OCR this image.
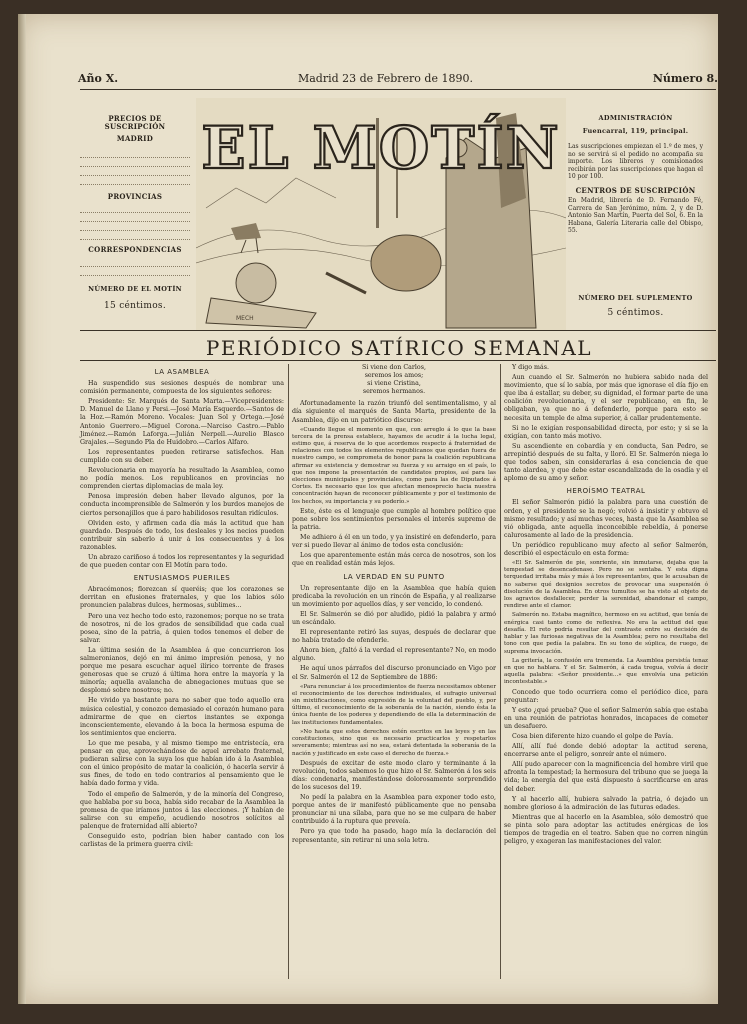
Año X.	Madrid 23 de Febrero de 1890.	Número 8.
PRECIOS DE SUSCRIPCIÓN
MADRID
PROVINCIAS
CORRESPONDENCIAS
NÚMERO DE EL MOTÍN
15 céntimos.
EL MOTÍN
MECH
ADMINISTRACIÓN
Fuencarral, 119, principal.
Las suscripciones empiezan el 1.º de mes, y no se servirá si el pedido no acompaña su importe. Los libreros y comisionados recibirán por las suscripciones que hagan el 10 por 100.
CENTROS DE SUSCRIPCIÓN
En Madrid, librería de D. Fernando Fé, Carrera de San Jerónimo, núm. 2, y de D. Antonio San Martín, Puerta del Sol, 6. En la Habana, Galería Literaria calle del Obispo, 55.
NÚMERO DEL SUPLEMENTO
5 céntimos.
PERIÓDICO SATÍRICO SEMANAL
LA ASAMBLEA

Ha suspendido sus sesiones después de nombrar una comisión permanente, compuesta de los siguientes señores:

Presidente: Sr. Marqués de Santa Marta.—Vicepresidentes: D. Manuel de Llano y Persi.—José María Esquerdo.—Santos de la Hoz.—Ramón Moreno. Vocales: Juan Sol y Ortega.—José Antonio Guerrero.—Miguel Corona.—Narciso Castro.—Pablo Jiménez.—Ramón Laforga.—Julián Nerpell.—Aurelio Blasco Grajales.—Segundo Pla de Huidobro.—Carlos Alfaro.

Los representantes pueden retirarse satisfechos. Han cumplido con su deber.

Revolucionaria en mayoría ha resultado la Asamblea, como no podía menos. Los republicanos en provincias no comprenden ciertas diplomacias de mala ley.

Penosa impresión deben haber llevado algunos, por la conducta incomprensible de Salmerón y los burdos manejos de ciertos personajillos que á paro habilidosos resultan ridículos.

Olviden esto, y afirmen cada día más la actitud que han guardado. Después de todo, los desleales y los necios pueden contribuir sin saberlo á unir á los consecuentes y á los razonables.

Un abrazo cariñoso á todos los representantes y la seguridad de que pueden contar con El Motín para todo.

ENTUSIASMOS PUERILES

Abracémonos; florezcan sí queréis; que los corazones se derritan en efusiones fraternales, y que los labios sólo pronuncien palabras dulces, hermosas, sublimes...

Pero una vez hecho todo esto, razonemos; porque no se trata de nosotros, ni de los grados de sensibilidad que cada cual posea, sino de la patria, á quien todos tenemos el deber de salvar.

La última sesión de la Asamblea á que concurrieron los salmeronianos, dejó en mi ánimo impresión penosa, y no porque me pesara escuchar aquel ilírico torrente de frases generosas que se cruzó á última hora entre la mayoría y la minoría; aquella avalancha de abnegaciones mutuas que se desplomó sobre nosotros; no.

He vivido ya bastante para no saber que todo aquello era música celestial, y conozco demasiado el corazón humano para admirarme de que en ciertos instantes se exponga inconscientemente, elevando á la boca la hermosa espuma de los sentimientos que encierra.

Lo que me pesaba, y al mismo tiempo me entristecía, era pensar en que, aprovechándose de aquel arrebato fraternal, pudieran salirse con la suya los que habían ido á la Asamblea con el único propósito de matar la coalición, ó hacerla servir á sus fines, de todo en todo contrarios al pensamiento que le había dado forma y vida.

Todo el empeño de Salmerón, y de la minoría del Congreso, que hablaba por su boca, había sido recabar de la Asamblea la promesa de que iríamos juntos á las elecciones. ¡Y habían de salirse con su empeño, acudiendo nosotros solícitos al palenque de fraternidad allí abierto?

Conseguido esto, podrían bien haber cantado con los carlistas de la primera guerra civil:

Si viene don Carlos,
seremos los amos;
si viene Cristina,
seremos hermanos.

Afortunadamente la razón triunfó del sentimentalismo, y al día siguiente el marqués de Santa Marta, presidente de la Asamblea, dijo en un patriótico discurso:

«Cuando llegue el momento en que, con arreglo á lo que la base tercera de la prensa establece, hayamos de acudir á la lucha legal, estimo que, á reserva de lo que acordemos respecto á fraternidad de relaciones con todos los elementos republicanos que quedan fuera de nuestro campo, se comprometa de honor para la coalición republicana afirmar su existencia y demostrar su fuerza y su arraigo en el país, lo que nos impone la presentación de candidatos propios, así para las elecciones municipales y provinciales, como para las de Diputados á Cortes. Es necesario que los que afectan menosprecio hacia nuestra concentración hayan de reconocer públicamente y por el testimonio de los hechos, su importancia y su poderío.»

Este, éste es el lenguaje que cumple al hombre político que pone sobre los sentimientos personales el interés supremo de la patria.

Me adhiero á él en un todo, y ya insistiré en defenderlo, para ver si puedo llevar al ánimo de todos esta conclusión:

Los que aparentemente están más cerca de nosotros, son los que en realidad están más lejos.

LA VERDAD EN SU PUNTO

Un representante dijo en la Asamblea que había quien predicaba la revolución en un rincón de España, y al realizarse un movimiento por aquellos días, y ser vencido, lo condenó.

El Sr. Salmerón se dió por aludido, pidió la palabra y armó un escándalo.

El representante retiró las suyas, después de declarar que no había tratado de ofenderle.

Ahora bien, ¿faltó á la verdad el representante? No, en modo alguno.

He aquí unos párrafos del discurso pronunciado en Vigo por el Sr. Salmerón el 12 de Septiembre de 1886:

«Para renunciar á los procedimientos de fuerza necesitamos obtener el reconocimiento de los derechos individuales, el sufragio universal sin mixtificaciones, como expresión de la voluntad del pueblo, y, por último, el reconocimiento de la soberanía de la nación, siendo ésta la única fuente de los poderes y dependiendo de ella la determinación de las instituciones fundamentales.

»No hasta que estos derechos estén escritos en las leyes y en las constituciones, sino que es necesario practicarlos y respetarlos severamente; mientras así no sea, estará detentada la soberanía de la nación y justificado en este caso el derecho de fuerza.»

Después de excitar de este modo claro y terminante á la revolución, todos sabemos lo que hizo el Sr. Salmerón á los seis días: condenarla, manifestándose dolorosamente sorprendido de los sucesos del 19.

No pedí la palabra en la Asamblea para exponer todo esto, porque antes de ir manifestó públicamente que no pensaba pronunciar ni una sílaba, para que no se me culpara de haber contribuido á la ruptura que preveía.

Pero ya que todo ha pasado, hago mía la declaración del representante, sin retirar ni una sola letra.

Y digo más.

Aun cuando el Sr. Salmerón no hubiera sabido nada del movimiento, que sí lo sabía, por más que ignorase el día fijo en que iba á estallar, su deber, su dignidad, el formar parte de una coalición revolucionaria, y el ser republicano, en fin, le obligaban, ya que no á defenderlo, porque para esto se necesita un temple de alma superior, á callar prudentemente.

Si no le exigían responsabilidad directa, por esto; y si se la exigían, con tanto más motivo.

Su ascendiente en cobardía y en conducta, San Pedro, se arrepintió después de su falta, y lloró. El Sr. Salmerón niega lo que todos saben, sin considerarlas á esa conciencia de que tanto alardea, y que debe estar escandalizada de la osadía y el aplomo de su amo y señor.

HEROÍSMO TEATRAL

El señor Salmerón pidió la palabra para una cuestión de orden, y el presidente se la negó; volvió á insistir y obtuvo el mismo resultado; y así muchas veces, hasta que la Asamblea se vió obligada, ante aquella inconcebible rebeldía, á ponerse calurosamente al lado de la presidencia.

Un periódico republicano muy afecto al señor Salmerón, describió el espectáculo en esta forma:

«El Sr. Salmerón de pie, sonriente, sin inmutarse, dejaba que la tempestad se desencadenase. Pero no se sentaba. Y esta digna terquedad irritaba más y más á los representantes, que le acusaban de no saberse qué designios secretos de provocar una suspensión ó disolución de la Asamblea. En otros tumultos se ha visto al objeto de los agravios desfallecer, perder la serenidad, abandonar el campo, rendirse ante el clamor.

Salmerón no. Estaba magnífico, hermoso en su actitud, que tenía de enérgica casi tanto como de reflexiva. No era la actitud del que desafía. El reto podría resultar del contraste entre su decisión de hablar y las furiosas negativas de la Asamblea; pero no resultaba del tono con que pedía la palabra. En su tono de súplica, de ruego, de suprema invocación.

La gritería, la confusión era tremenda. La Asamblea persistía tenaz en que no hablara. Y el Sr. Salmerón, á cada tregua, volvía á decir aquella palabra: «Señor presidente...» que envolvía una petición incontestable.»

Concedo que todo ocurriera como el periódico dice, para preguntar:

Y esto ¿qué prueba? Que el señor Salmerón sabía que estaba en una reunión de patriotas honrados, incapaces de cometer un desafuero.

Cosa bien diferente hizo cuando el golpe de Pavía.

Allí, allí fué donde debió adoptar la actitud serena, encerrarse ante el peligro, sonreír ante el número.

Allí pudo aparecer con la magnificencia del hombre viril que afronta la tempestad; la hermosura del tribuno que se juega la vida; la energía del que está dispuesto á sacrificarse en aras del deber.

Y al hacerlo allí, hubiera salvado la patria, ó dejado un nombre glorioso á la admiración de las futuras edades.

Mientras que al hacerlo en la Asamblea, sólo demostró que se pinta solo para adoptar las actitudes enérgicas de los tiempos de tragedia en el teatro. Saben que no corren ningún peligro, y exageran las manifestaciones del valor.
